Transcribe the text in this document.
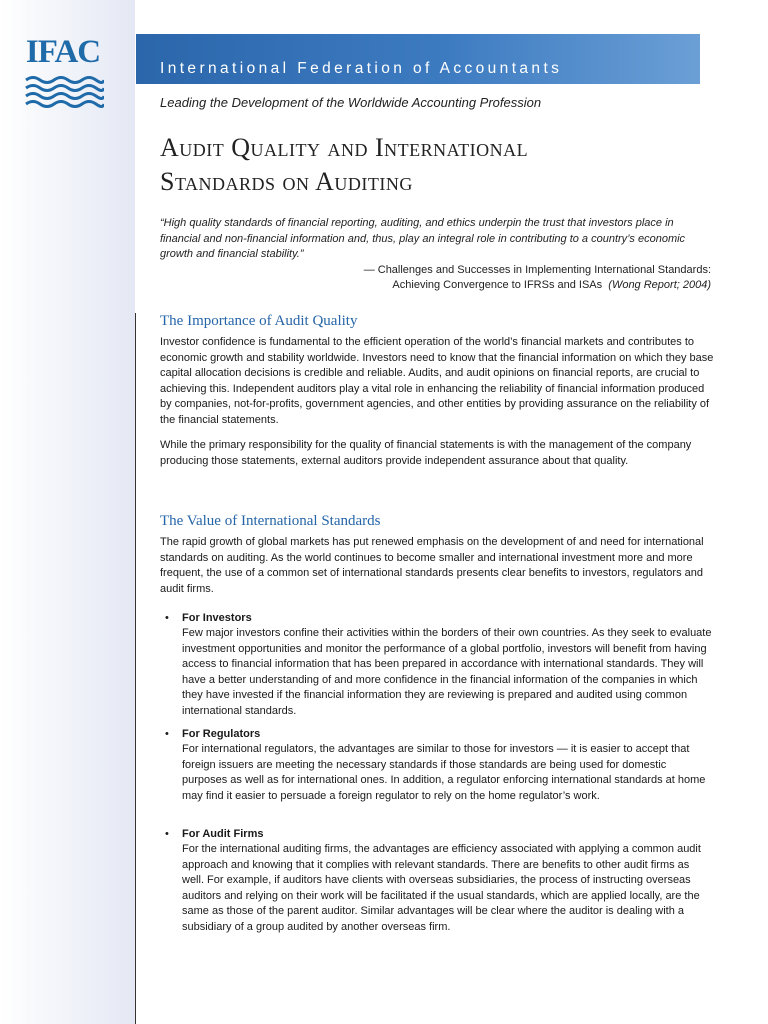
IFAC	International Federation of Accountants
Leading the Development of the Worldwide Accounting Profession
Audit Quality and International
Standards on Auditing
“High quality standards of financial reporting, auditing, and ethics underpin the trust that investors place in financial and non-financial information and, thus, play an integral role in contributing to a country’s economic growth and financial stability.”
— Challenges and Successes in Implementing International Standards:
Achieving Convergence to IFRSs and ISAs (Wong Report; 2004)
The Importance of Audit Quality
Investor confidence is fundamental to the efficient operation of the world’s financial markets and contributes to economic growth and stability worldwide. Investors need to know that the financial information on which they base capital allocation decisions is credible and reliable. Audits, and audit opinions on financial reports, are crucial to achieving this. Independent auditors play a vital role in enhancing the reliability of financial information produced by companies, not-for-profits, government agencies, and other entities by providing assurance on the reliability of the financial statements.
While the primary responsibility for the quality of financial statements is with the management of the company producing those statements, external auditors provide independent assurance about that quality.
The Value of International Standards
The rapid growth of global markets has put renewed emphasis on the development of and need for international standards on auditing. As the world continues to become smaller and international investment more and more frequent, the use of a common set of international standards presents clear benefits to investors, regulators and audit firms.
• For Investors
Few major investors confine their activities within the borders of their own countries. As they seek to evaluate investment opportunities and monitor the performance of a global portfolio, investors will benefit from having access to financial information that has been prepared in accordance with international standards. They will have a better understanding of and more confidence in the financial information of the companies in which they have invested if the financial information they are reviewing is prepared and audited using common international standards.
• For Regulators
For international regulators, the advantages are similar to those for investors — it is easier to accept that foreign issuers are meeting the necessary standards if those standards are being used for domestic purposes as well as for international ones. In addition, a regulator enforcing international standards at home may find it easier to persuade a foreign regulator to rely on the home regulator’s work.
• For Audit Firms
For the international auditing firms, the advantages are efficiency associated with applying a common audit approach and knowing that it complies with relevant standards. There are benefits to other audit firms as well. For example, if auditors have clients with overseas subsidiaries, the process of instructing overseas auditors and relying on their work will be facilitated if the usual standards, which are applied locally, are the same as those of the parent auditor. Similar advantages will be clear where the auditor is dealing with a subsidiary of a group audited by another overseas firm.
